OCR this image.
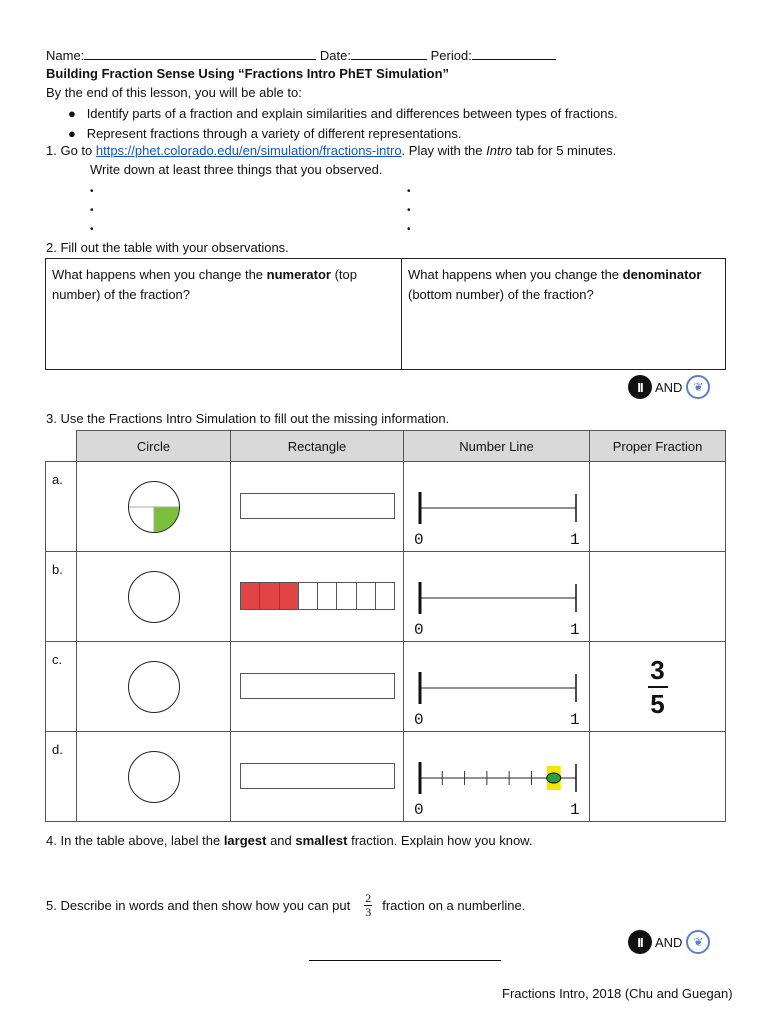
Name:	Date:	Period:
Building Fraction Sense Using “Fractions Intro PhET Simulation”
By the end of this lesson, you will be able to:
●   Identify parts of a fraction and explain similarities and differences between types of fractions.
●   Represent fractions through a variety of different representations.
1. Go to https://phet.colorado.edu/en/simulation/fractions-intro. Play with the Intro tab for 5 minutes.
Write down at least three things that you observed.
•
•
•
•
•
•
2. Fill out the table with your observations.
What happens when you change the numerator (top number) of the fraction?	What happens when you change the denominator (bottom number) of the fraction?
II AND ❦
3. Use the Fractions Intro Simulation to fill out the missing information.
	Circle	Rectangle	Number Line	Proper Fraction
a.			0 1	

b.			0 1	

c.			0 1	3
5

d.			0 1	

4. In the table above, label the largest and smallest fraction. Explain how you know.
5. Describe in words and then show how you can put $\frac{2}{3}$ fraction on a numberline.
II AND ❦
Fractions Intro, 2018 (Chu and Guegan)
